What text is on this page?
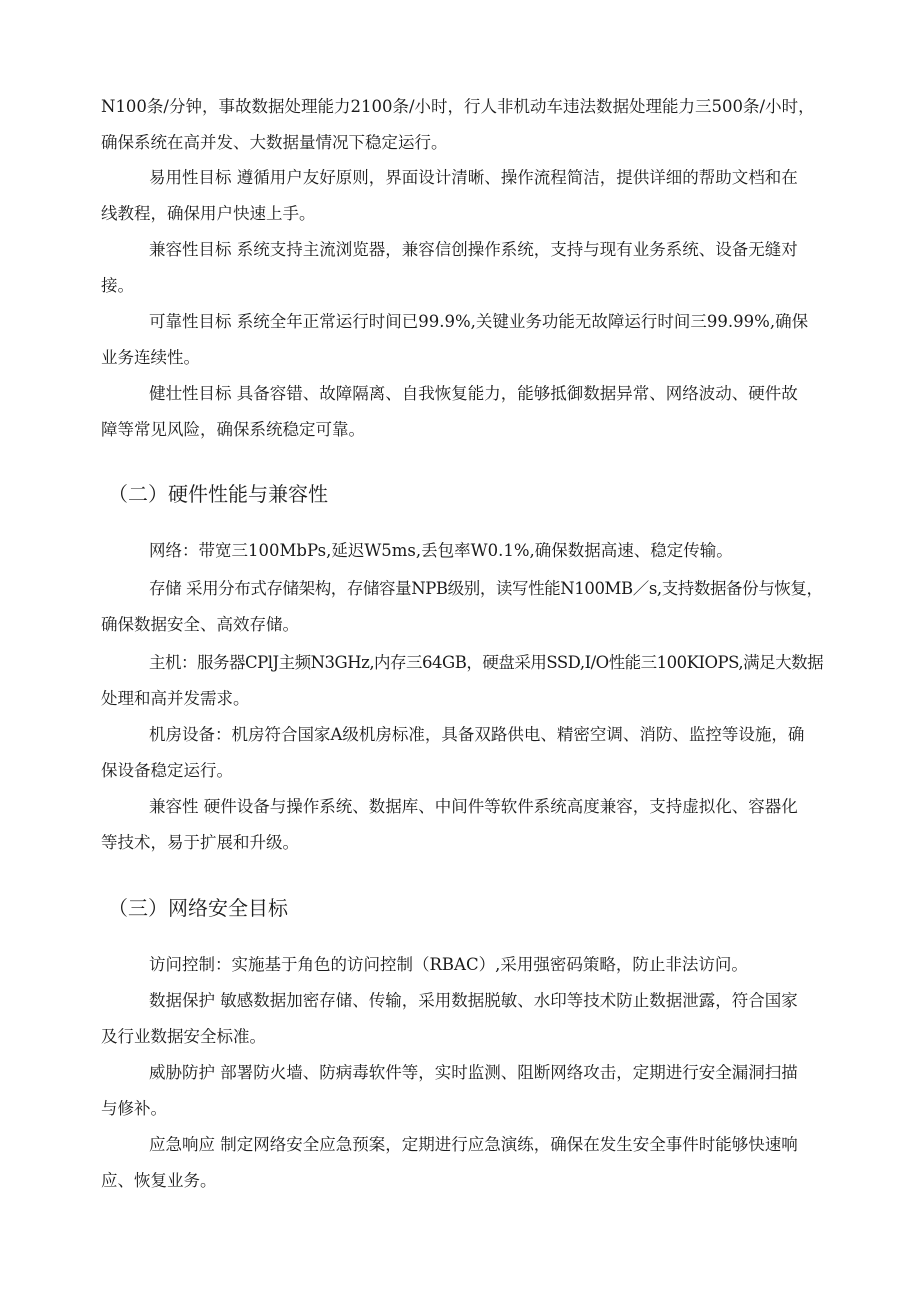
N100条/分钟，事故数据处理能力2100条/小时，行人非机动车违法数据处理能力三500条/小时，
确保系统在高并发、大数据量情况下稳定运行。
易用性目标 遵循用户友好原则，界面设计清晰、操作流程简洁，提供详细的帮助文档和在
线教程，确保用户快速上手。
兼容性目标 系统支持主流浏览器，兼容信创操作系统，支持与现有业务系统、设备无缝对
接。
可靠性目标 系统全年正常运行时间已99.9%,关键业务功能无故障运行时间三99.99%,确保
业务连续性。
健壮性目标 具备容错、故障隔离、自我恢复能力，能够抵御数据异常、网络波动、硬件故
障等常见风险，确保系统稳定可靠。
（二）硬件性能与兼容性
网络：带宽三100MbPs,延迟W5ms,丢包率W0.1%,确保数据高速、稳定传输。
存储 采用分布式存储架构，存储容量NPB级别，读写性能N100MB／s,支持数据备份与恢复，
确保数据安全、高效存储。
主机：服务器CPlJ主频N3GHz,内存三64GB，硬盘采用SSD,I/O性能三100KIOPS,满足大数据
处理和高并发需求。
机房设备：机房符合国家A级机房标准，具备双路供电、精密空调、消防、监控等设施，确
保设备稳定运行。
兼容性 硬件设备与操作系统、数据库、中间件等软件系统高度兼容，支持虚拟化、容器化
等技术，易于扩展和升级。
（三）网络安全目标
访问控制：实施基于角色的访问控制（RBAC）,采用强密码策略，防止非法访问。
数据保护 敏感数据加密存储、传输，采用数据脱敏、水印等技术防止数据泄露，符合国家
及行业数据安全标准。
威胁防护 部署防火墙、防病毒软件等，实时监测、阻断网络攻击，定期进行安全漏洞扫描
与修补。
应急响应 制定网络安全应急预案，定期进行应急演练，确保在发生安全事件时能够快速响
应、恢复业务。
